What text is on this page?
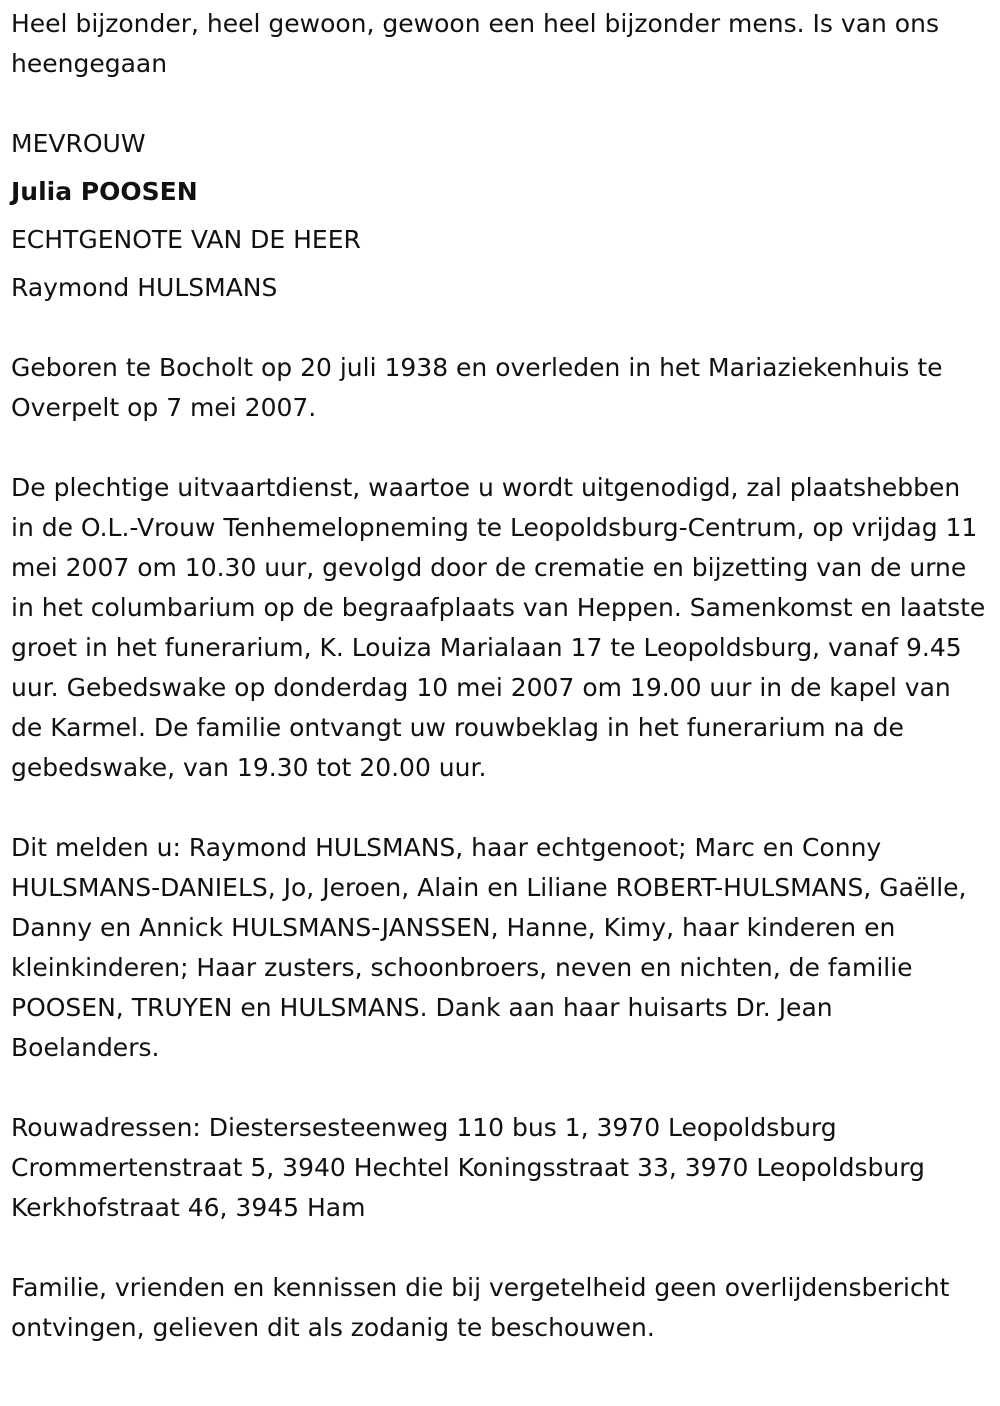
Heel bijzonder, heel gewoon, gewoon een heel bijzonder mens. Is van ons heengegaan

MEVROUW

Julia POOSEN

ECHTGENOTE VAN DE HEER

Raymond HULSMANS

Geboren te Bocholt op 20 juli 1938 en overleden in het Mariaziekenhuis te Overpelt op 7 mei 2007.

De plechtige uitvaartdienst, waartoe u wordt uitgenodigd, zal plaatshebben in de O.L.-Vrouw Tenhemelopneming te Leopoldsburg-Centrum, op vrijdag 11 mei 2007 om 10.30 uur, gevolgd door de crematie en bijzetting van de urne in het columbarium op de begraafplaats van Heppen. Samenkomst en laatste groet in het funerarium, K. Louiza Marialaan 17 te Leopoldsburg, vanaf 9.45 uur. Gebedswake op donderdag 10 mei 2007 om 19.00 uur in de kapel van de Karmel. De familie ontvangt uw rouwbeklag in het funerarium na de gebedswake, van 19.30 tot 20.00 uur.

Dit melden u: Raymond HULSMANS, haar echtgenoot; Marc en Conny HULSMANS-DANIELS, Jo, Jeroen, Alain en Liliane ROBERT-HULSMANS, Gaëlle, Danny en Annick HULSMANS-JANSSEN, Hanne, Kimy, haar kinderen en kleinkinderen; Haar zusters, schoonbroers, neven en nichten, de familie POOSEN, TRUYEN en HULSMANS. Dank aan haar huisarts Dr. Jean Boelanders.

Rouwadressen: Diestersesteenweg 110 bus 1, 3970 Leopoldsburg Crommertenstraat 5, 3940 Hechtel Koningsstraat 33, 3970 Leopoldsburg Kerkhofstraat 46, 3945 Ham

Familie, vrienden en kennissen die bij vergetelheid geen overlijdensbericht ontvingen, gelieven dit als zodanig te beschouwen.
